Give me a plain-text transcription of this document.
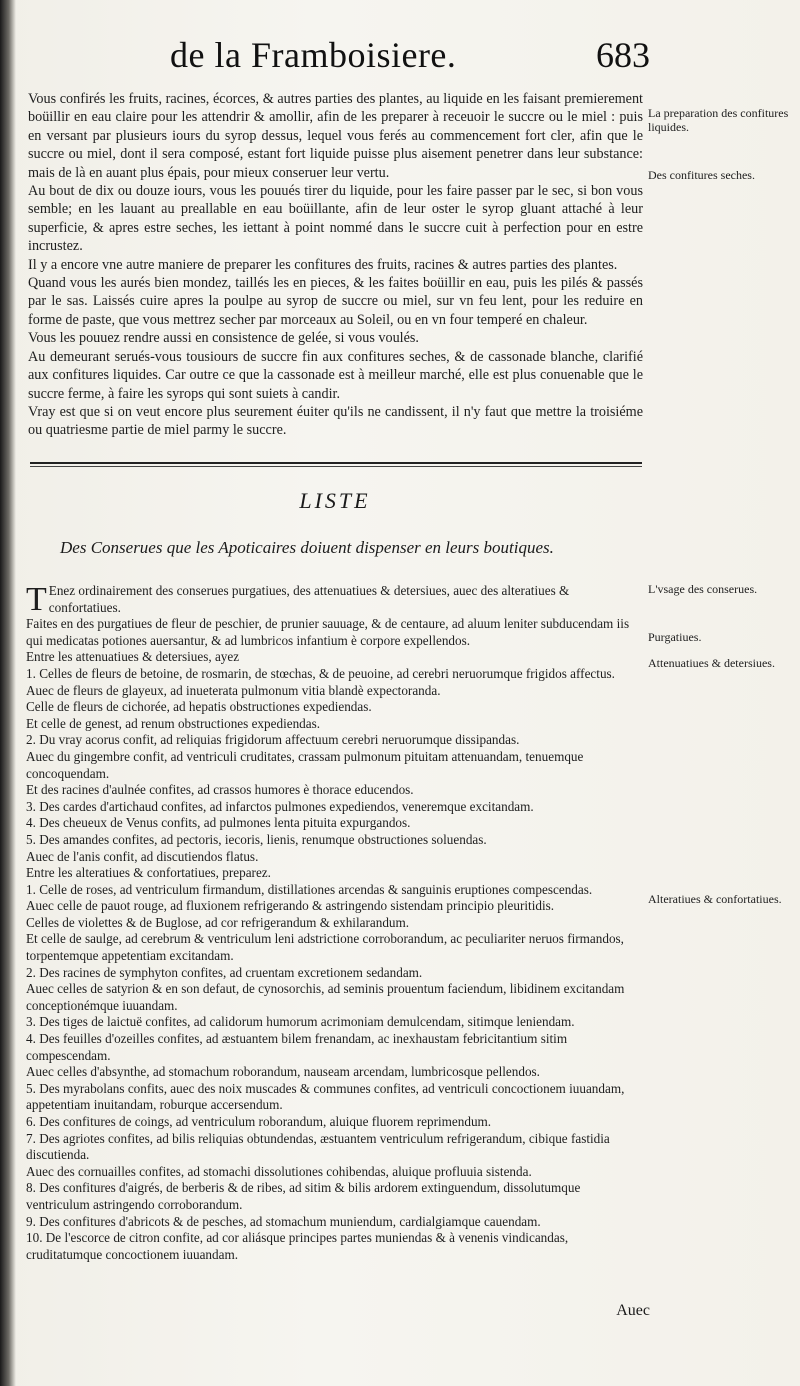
de la Framboisiere.	683

Vous confirés les fruits, racines, écorces, & autres parties des plantes, au liquide en les faisant premierement boüillir en eau claire pour les attendrir & amollir, afin de les preparer à receuoir le succre ou le miel : puis en versant par plusieurs iours du syrop dessus, lequel vous ferés au commencement fort cler, afin que le succre ou miel, dont il sera composé, estant fort liquide puisse plus aisement penetrer dans leur substance: mais de là en auant plus épais, pour mieux conseruer leur vertu.

Au bout de dix ou douze iours, vous les pouués tirer du liquide, pour les faire passer par le sec, si bon vous semble; en les lauant au preallable en eau boüillante, afin de leur oster le syrop gluant attaché à leur superficie, & apres estre seches, les iettant à point nommé dans le succre cuit à perfection pour en estre incrustez.

Il y a encore vne autre maniere de preparer les confitures des fruits, racines & autres parties des plantes.

Quand vous les aurés bien mondez, taillés les en pieces, & les faites boüillir en eau, puis les pilés & passés par le sas. Laissés cuire apres la poulpe au syrop de succre ou miel, sur vn feu lent, pour les reduire en forme de paste, que vous mettrez secher par morceaux au Soleil, ou en vn four temperé en chaleur.

Vous les pouuez rendre aussi en consistence de gelée, si vous voulés.

Au demeurant serués-vous tousiours de succre fin aux confitures seches, & de cassonade blanche, clarifié aux confitures liquides. Car outre ce que la cassonade est à meilleur marché, elle est plus conuenable que le succre ferme, à faire les syrops qui sont suiets à candir.

Vray est que si on veut encore plus seurement éuiter qu'ils ne candissent, il n'y faut que mettre la troisiéme ou quatriesme partie de miel parmy le succre.

La preparation des confitures liquides.
Des confitures seches.
LISTE
Des Conserues que les Apoticaires doiuent dispenser en leurs boutiques.

T Enez ordinairement des conserues purgatiues, des attenuatiues & detersiues, auec des alteratiues & confortatiues.

Faites en des purgatiues de fleur de peschier, de prunier sauuage, & de centaure, ad aluum leniter subducendam iis qui medicatas potiones auersantur, & ad lumbricos infantium è corpore expellendos.

Entre les attenuatiues & detersiues, ayez

1. Celles de fleurs de betoine, de rosmarin, de stœchas, & de peuoine, ad cerebri neruorumque frigidos affectus.

Auec de fleurs de glayeux, ad inueterata pulmonum vitia blandè expectoranda.

Celle de fleurs de cichorée, ad hepatis obstructiones expediendas.

Et celle de genest, ad renum obstructiones expediendas.

2. Du vray acorus confit, ad reliquias frigidorum affectuum cerebri neruorumque dissipandas.

Auec du gingembre confit, ad ventriculi cruditates, crassam pulmonum pituitam attenuandam, tenuemque concoquendam.

Et des racines d'aulnée confites, ad crassos humores è thorace educendos.

3. Des cardes d'artichaud confites, ad infarctos pulmones expediendos, veneremque excitandam.

4. Des cheueux de Venus confits, ad pulmones lenta pituita expurgandos.

5. Des amandes confites, ad pectoris, iecoris, lienis, renumque obstructiones soluendas.

Auec de l'anis confit, ad discutiendos flatus.

Entre les alteratiues & confortatiues, preparez.

1. Celle de roses, ad ventriculum firmandum, distillationes arcendas & sanguinis eruptiones compescendas.

Auec celle de pauot rouge, ad fluxionem refrigerando & astringendo sistendam principio pleuritidis.

Celles de violettes & de Buglose, ad cor refrigerandum & exhilarandum.

Et celle de saulge, ad cerebrum & ventriculum leni adstrictione corroborandum, ac peculiariter neruos firmandos, torpentemque appetentiam excitandam.

2. Des racines de symphyton confites, ad cruentam excretionem sedandam.

Auec celles de satyrion & en son defaut, de cynosorchis, ad seminis prouentum faciendum, libidinem excitandam conceptionémque iuuandam.

3. Des tiges de laictuë confites, ad calidorum humorum acrimoniam demulcendam, sitimque leniendam.

4. Des feuilles d'ozeilles confites, ad æstuantem bilem frenandam, ac inexhaustam febricitantium sitim compescendam.

Auec celles d'absynthe, ad stomachum roborandum, nauseam arcendam, lumbricosque pellendos.

5. Des myrabolans confits, auec des noix muscades & communes confites, ad ventriculi concoctionem iuuandam, appetentiam inuitandam, roburque accersendum.

6. Des confitures de coings, ad ventriculum roborandum, aluique fluorem reprimendum.

7. Des agriotes confites, ad bilis reliquias obtundendas, æstuantem ventriculum refrigerandum, cibique fastidia discutienda.

Auec des cornuailles confites, ad stomachi dissolutiones cohibendas, aluique profluuia sistenda.

8. Des confitures d'aigrés, de berberis & de ribes, ad sitim & bilis ardorem extinguendum, dissolutumque ventriculum astringendo corroborandum.

9. Des confitures d'abricots & de pesches, ad stomachum muniendum, cardialgiamque cauendam.

10. De l'escorce de citron confite, ad cor aliásque principes partes muniendas & à venenis vindicandas, cruditatumque concoctionem iuuandam.

L'vsage des conserues.
Purgatiues.
Attenuatiues & detersiues.
Alteratiues & confortatiues.
Auec
